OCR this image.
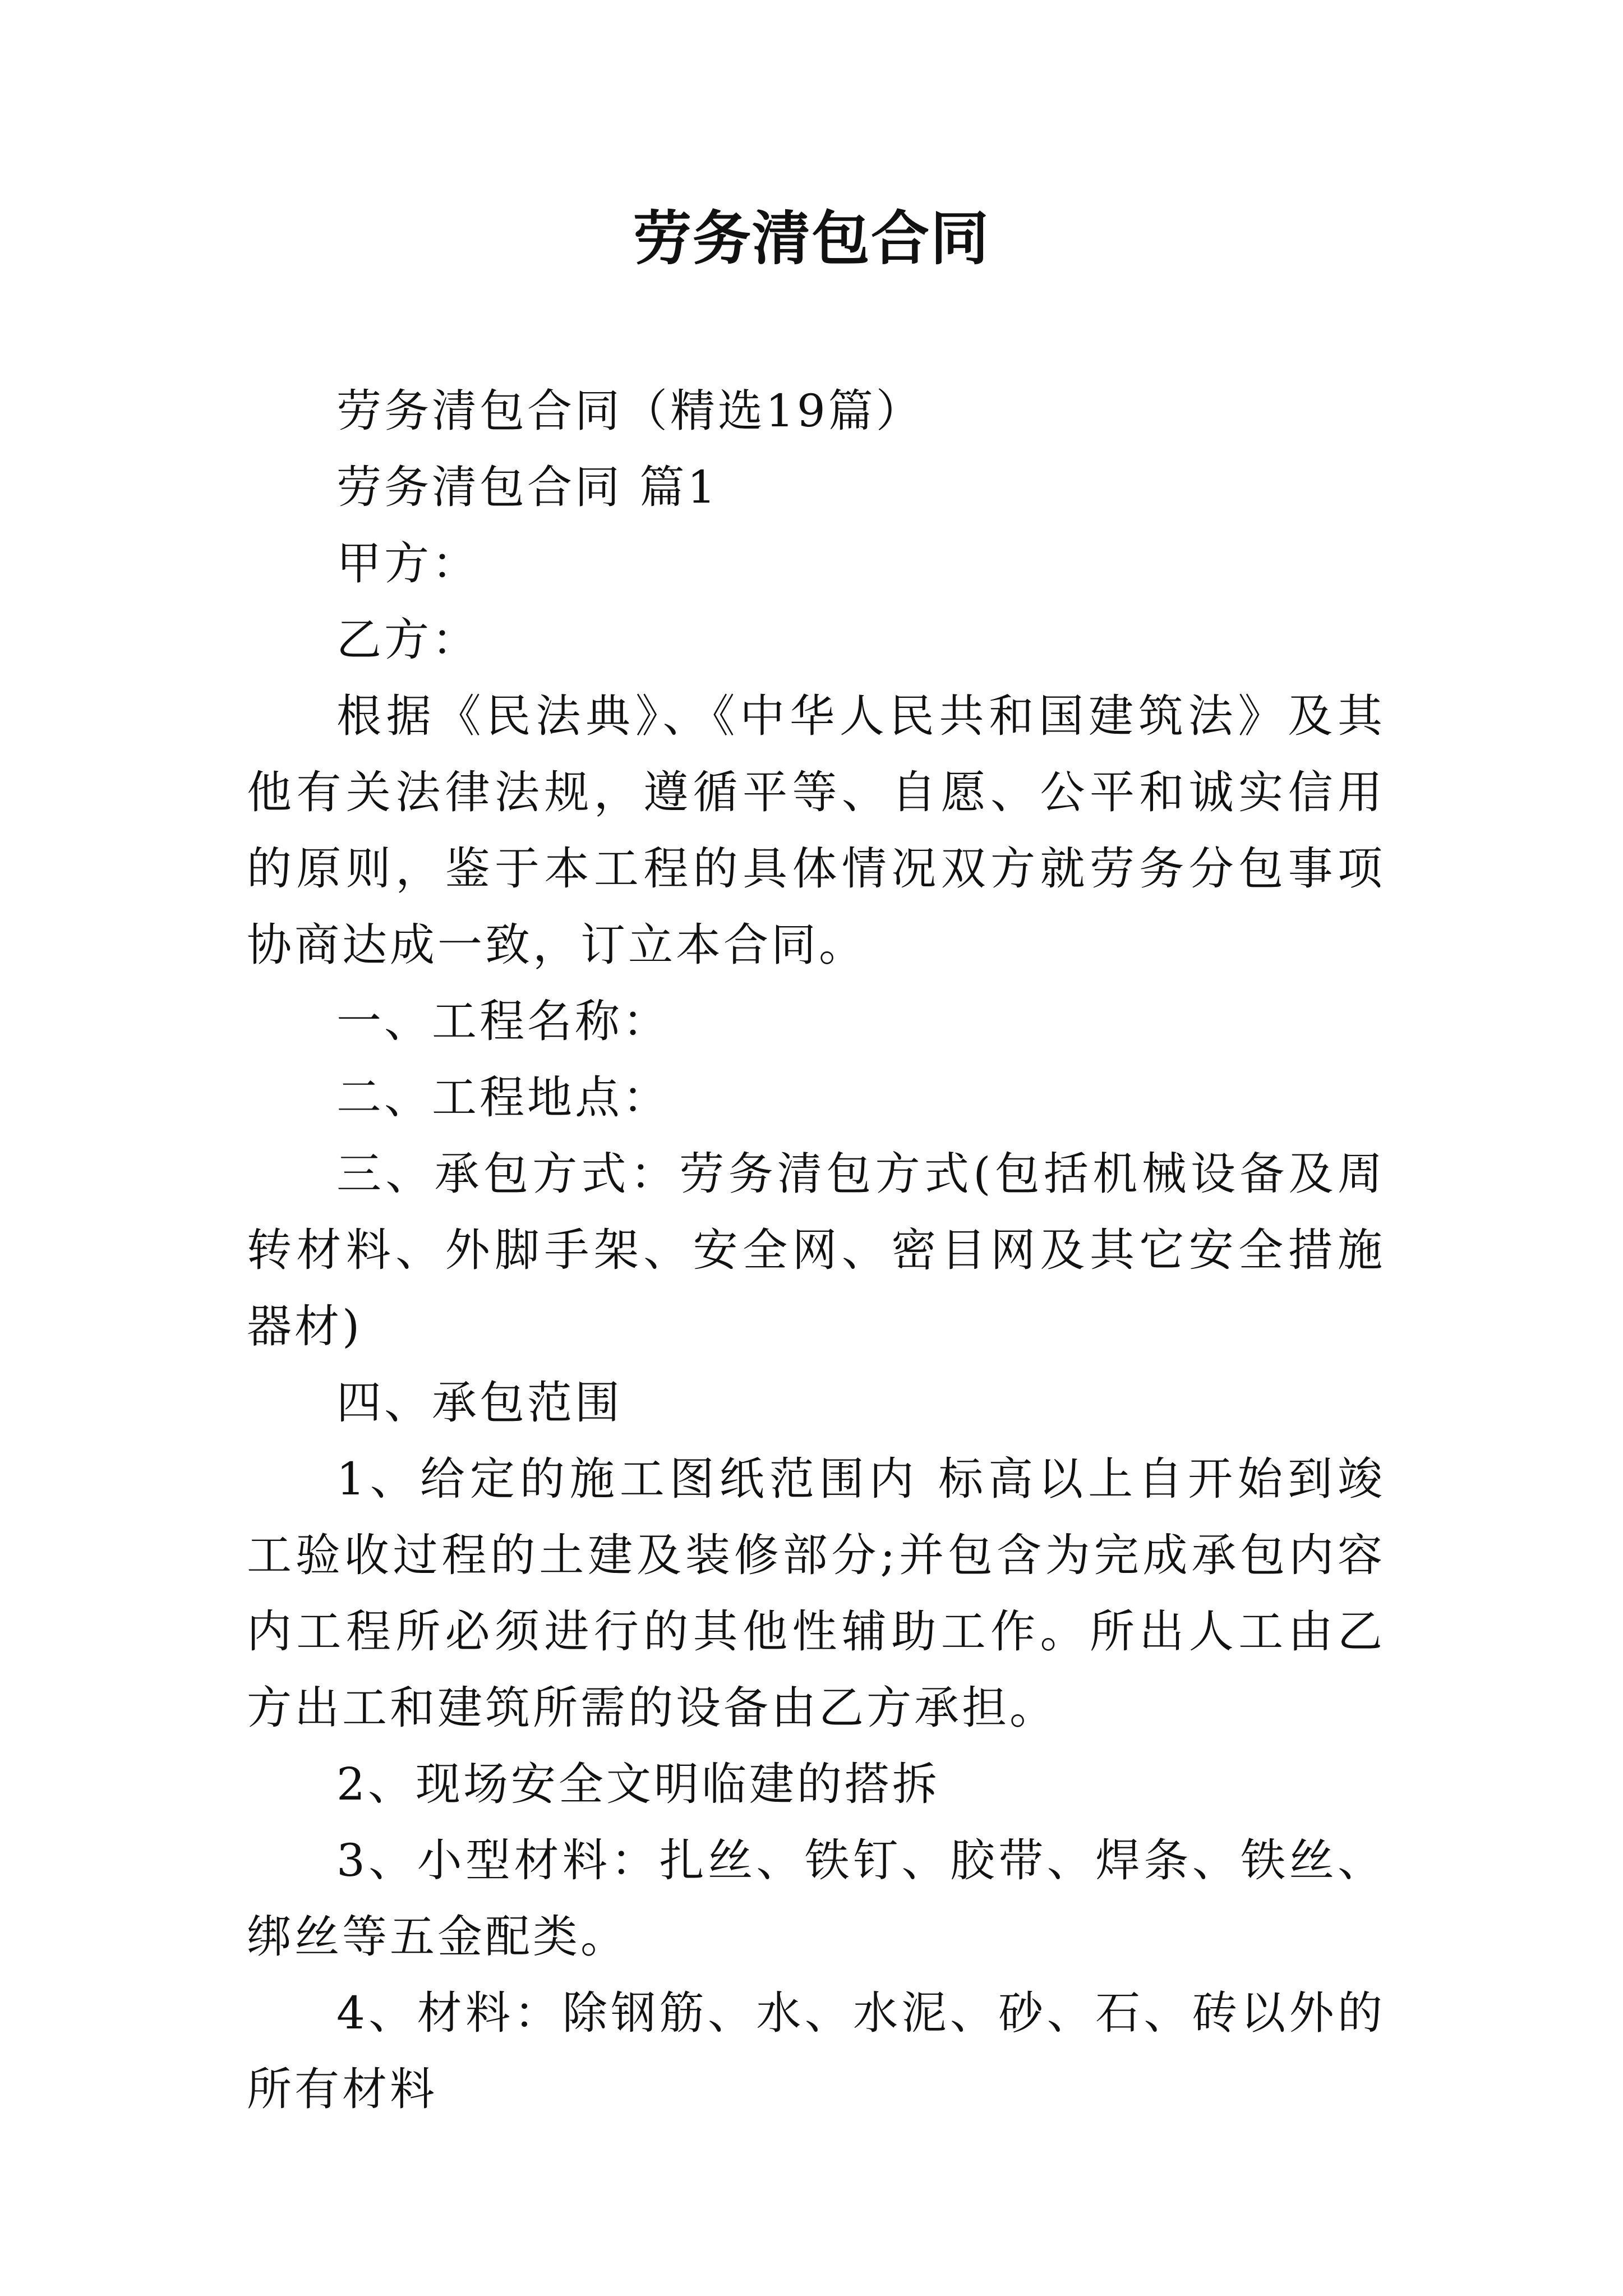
劳务清包合同

劳务清包合同（精选19篇）

劳务清包合同 篇1

甲方：

乙方：

根据《民法典》、《中华人民共和国建筑法》及其他有关法律法规，遵循平等、自愿、公平和诚实信用的原则，鉴于本工程的具体情况双方就劳务分包事项协商达成一致，订立本合同。

一、工程名称：

二、工程地点：

三、承包方式：劳务清包方式(包括机械设备及周转材料、外脚手架、安全网、密目网及其它安全措施器材)

四、承包范围

1、给定的施工图纸范围内 标高以上自开始到竣工验收过程的土建及装修部分;并包含为完成承包内容内工程所必须进行的其他性辅助工作。所出人工由乙方出工和建筑所需的设备由乙方承担。

2、现场安全文明临建的搭拆

3、小型材料：扎丝、铁钉、胶带、焊条、铁丝、绑丝等五金配类。

4、材料：除钢筋、水、水泥、砂、石、砖以外的所有材料
